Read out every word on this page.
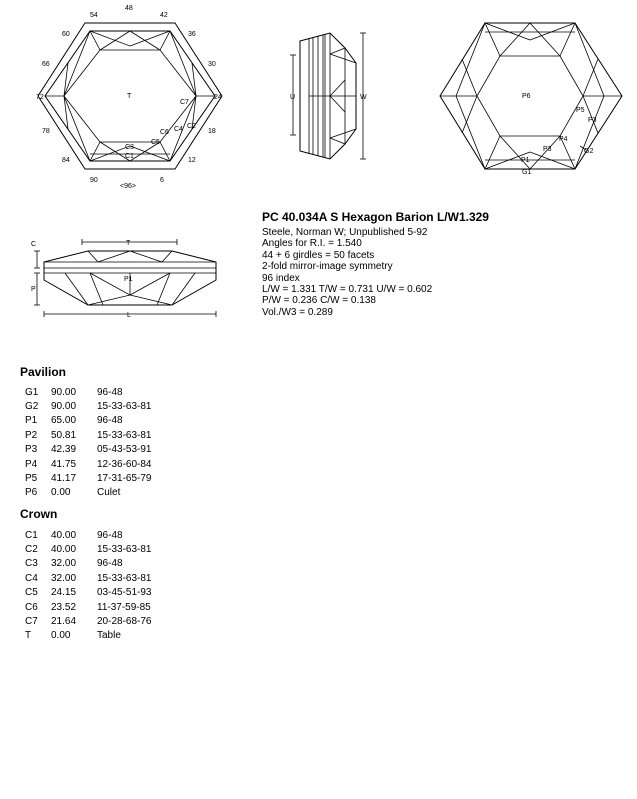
48
42
36
30
24
18
12
6
<96>
90
84
78
72
66
60
54
T
C7
C2
C4
C6
C5
C3
C1
U	W	P6
P5
P3
P4
P3	G2
P1
G1
T
P1
C
P
L
PC 40.034A S Hexagon Barion L/W1.329
Steele, Norman W; Unpublished 5-92
Angles for R.I. = 1.540
44 + 6 girdles = 50 facets
2-fold mirror-image symmetry
96 index
L/W = 1.331 T/W = 0.731 U/W = 0.602
P/W = 0.236 C/W = 0.138
Vol./W3 = 0.289
Pavilion
G1	90.00	96-48
G2	90.00	15-33-63-81
P1	65.00	96-48
P2	50.81	15-33-63-81
P3	42.39	05-43-53-91
P4	41.75	12-36-60-84
P5	41.17	17-31-65-79
P6	0.00	Culet
Crown
C1	40.00	96-48
C2	40.00	15-33-63-81
C3	32.00	96-48
C4	32.00	15-33-63-81
C5	24.15	03-45-51-93
C6	23.52	11-37-59-85
C7	21.64	20-28-68-76
T	0.00	Table
